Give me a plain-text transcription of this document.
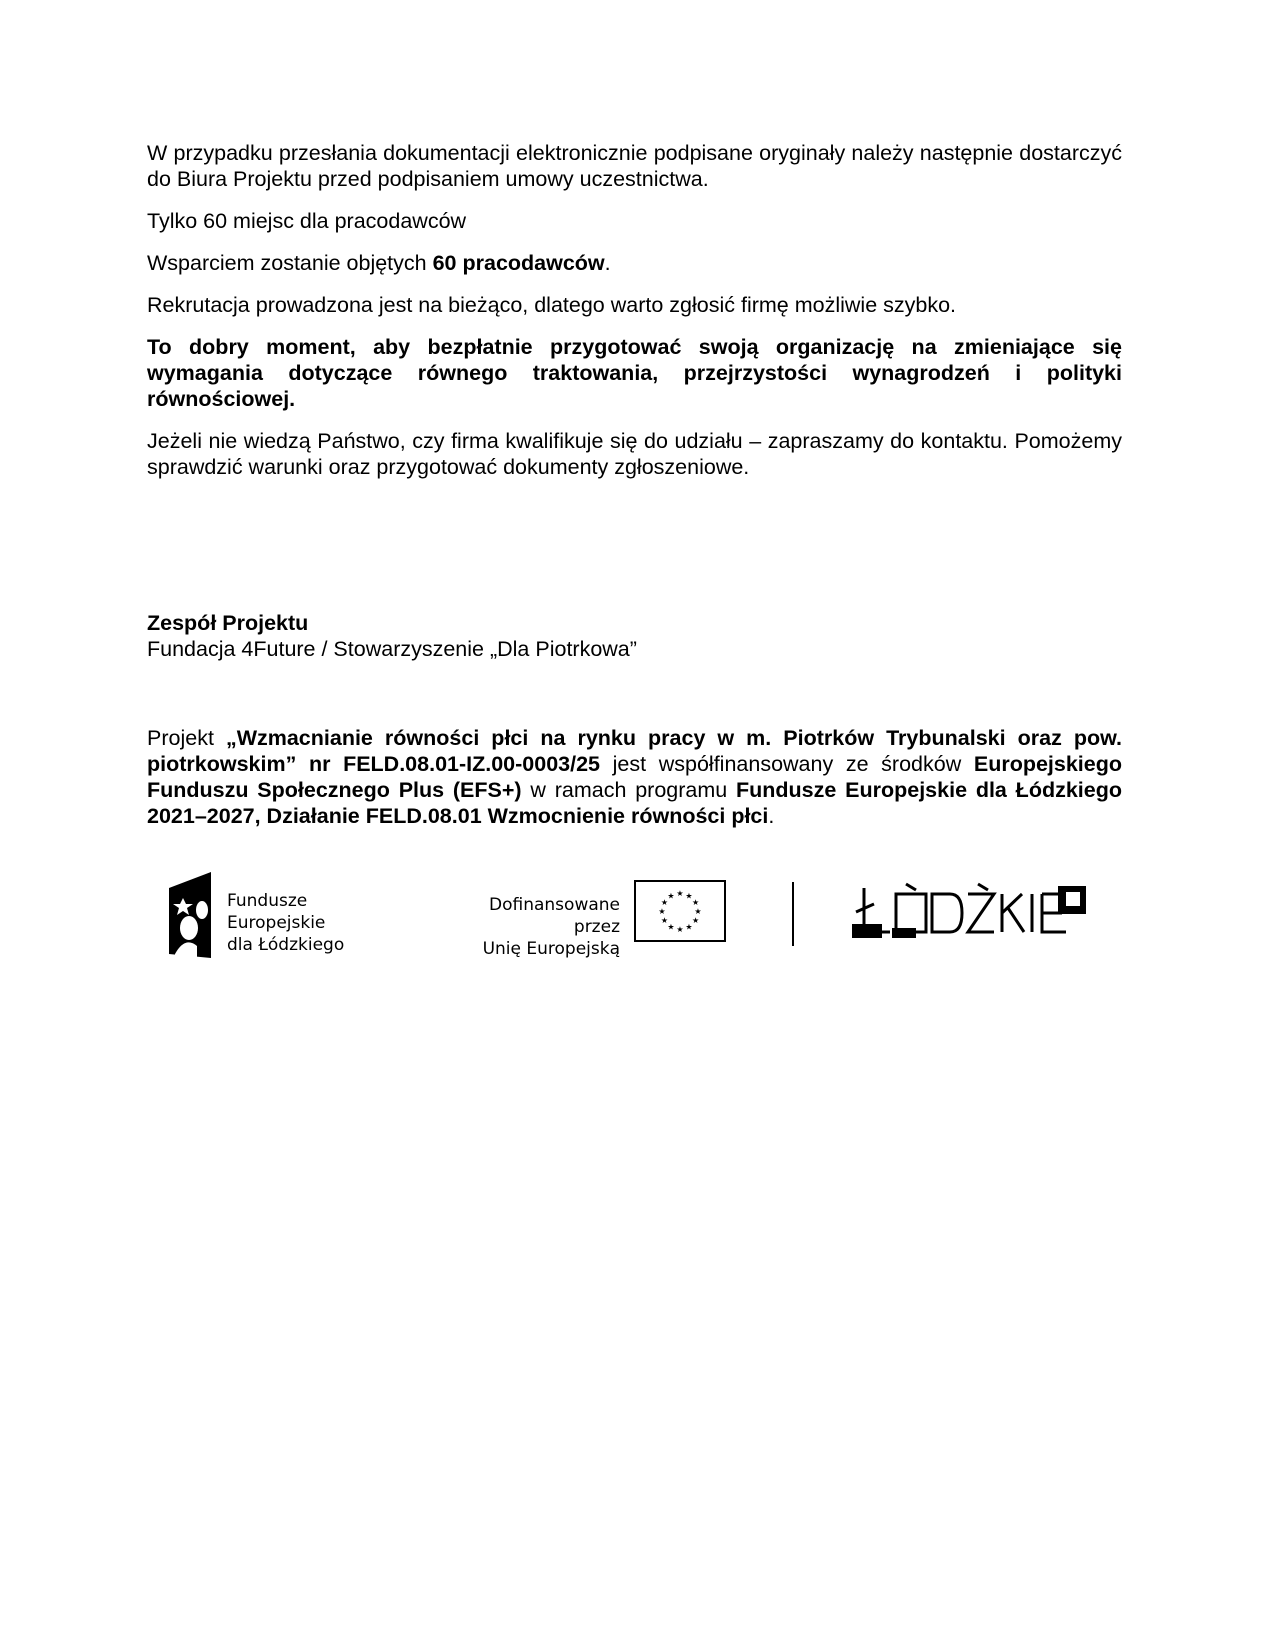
W przypadku przesłania dokumentacji elektronicznie podpisane oryginały należy następnie dostarczyć do Biura Projektu przed podpisaniem umowy uczestnictwa.

Tylko 60 miejsc dla pracodawców

Wsparciem zostanie objętych 60 pracodawców.

Rekrutacja prowadzona jest na bieżąco, dlatego warto zgłosić firmę możliwie szybko.

To dobry moment, aby bezpłatnie przygotować swoją organizację na zmieniające się wymagania dotyczące równego traktowania, przejrzystości wynagrodzeń i polityki równościowej.

Jeżeli nie wiedzą Państwo, czy firma kwalifikuje się do udziału – zapraszamy do kontaktu. Pomożemy sprawdzić warunki oraz przygotować dokumenty zgłoszeniowe.

Zespół Projektu

Fundacja 4Future / Stowarzyszenie „Dla Piotrkowa”

Projekt „Wzmacnianie równości płci na rynku pracy w m. Piotrków Trybunalski oraz pow. piotrkowskim” nr FELD.08.01-IZ.00-0003/25 jest współfinansowany ze środków Europejskiego Funduszu Społecznego Plus (EFS+) w ramach programu Fundusze Europejskie dla Łódzkiego 2021–2027, Działanie FELD.08.01 Wzmocnienie równości płci.

Fundusze Europejskie
dla Łódzkiego
Dofinansowane przez
Unię Europejską
★ ★
★
★
★
★
★
★
★
★
★
★
